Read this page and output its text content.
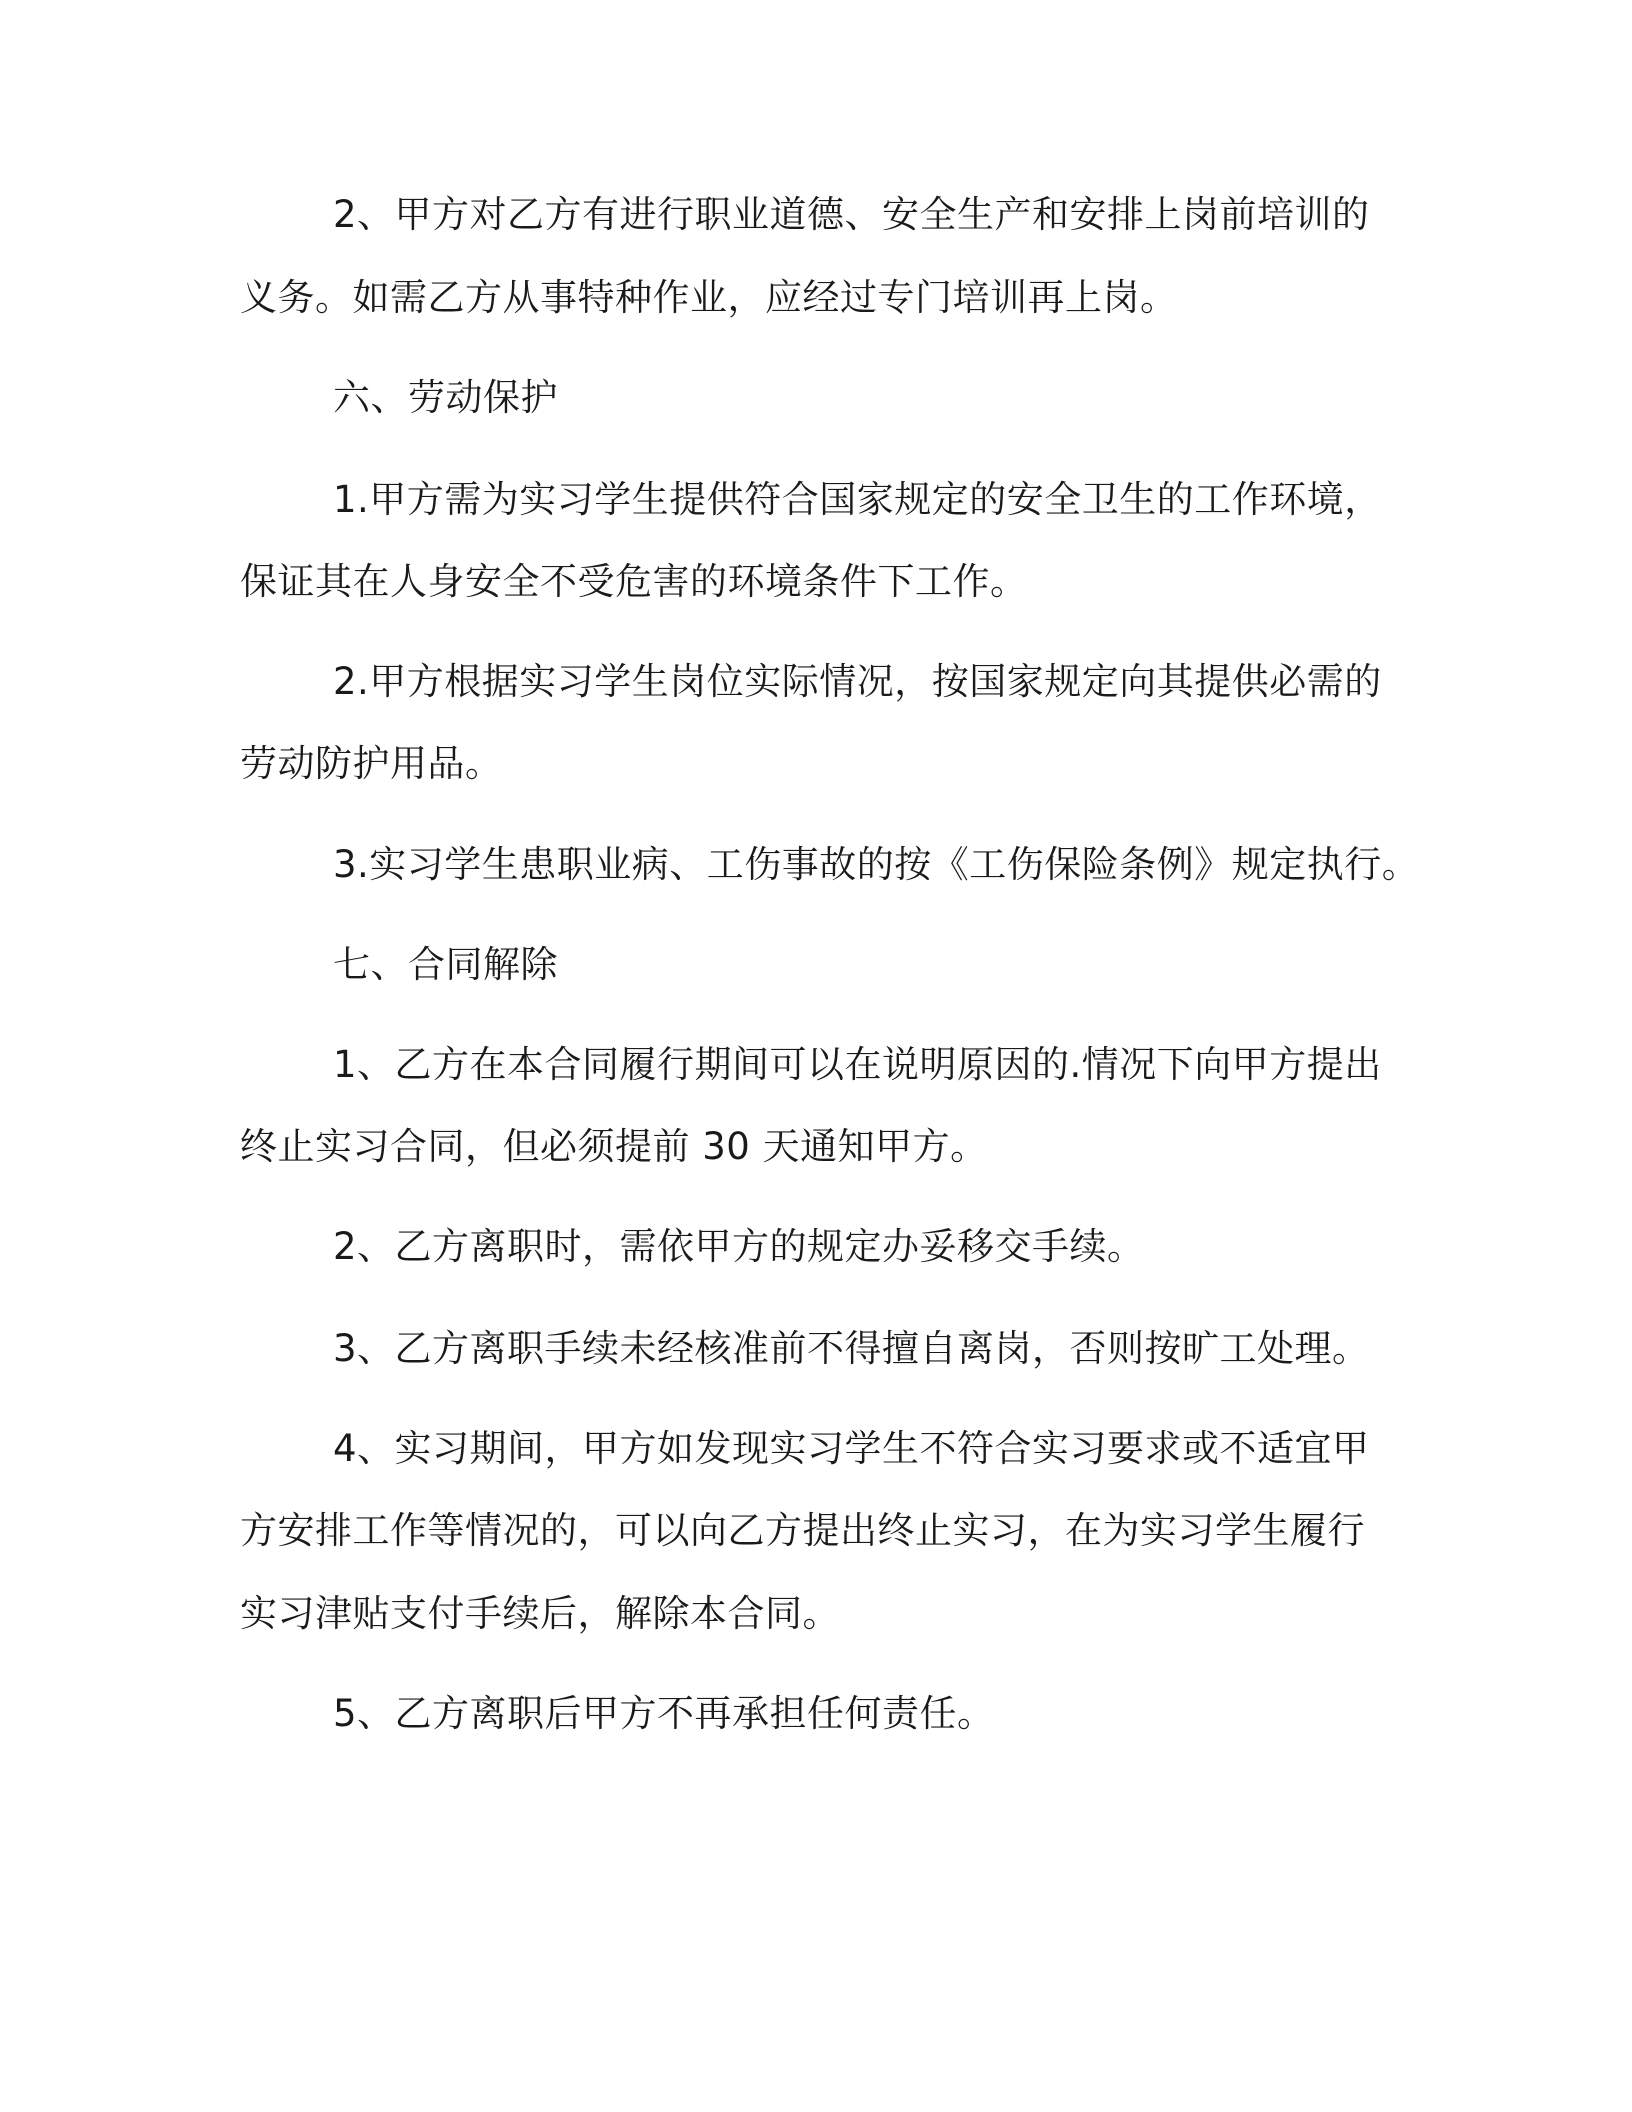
2、甲方对乙方有进行职业道德、安全生产和安排上岗前培训的
义务。如需乙方从事特种作业，应经过专门培训再上岗。
六、劳动保护
1.甲方需为实习学生提供符合国家规定的安全卫生的工作环境，
保证其在人身安全不受危害的环境条件下工作。
2.甲方根据实习学生岗位实际情况，按国家规定向其提供必需的
劳动防护用品。
3.实习学生患职业病、工伤事故的按《工伤保险条例》规定执行。
七、合同解除
1、乙方在本合同履行期间可以在说明原因的.情况下向甲方提出
终止实习合同，但必须提前 30 天通知甲方。
2、乙方离职时，需依甲方的规定办妥移交手续。
3、乙方离职手续未经核准前不得擅自离岗，否则按旷工处理。
4、实习期间，甲方如发现实习学生不符合实习要求或不适宜甲
方安排工作等情况的，可以向乙方提出终止实习，在为实习学生履行
实习津贴支付手续后，解除本合同。
5、乙方离职后甲方不再承担任何责任。
